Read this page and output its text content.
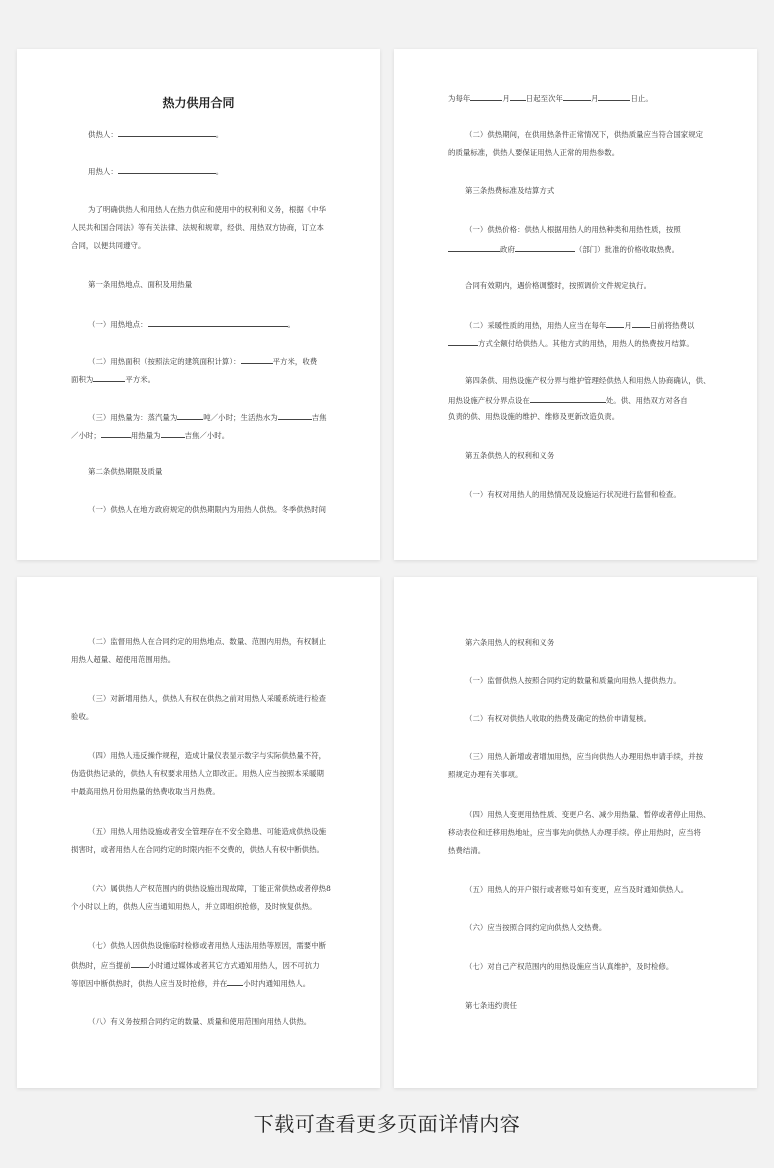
热力供用合同
供热人：	。
用热人：	。
为了明确供热人和用热人在热力供应和使用中的权利和义务，根据《中华
人民共和国合同法》等有关法律、法规和规章，经供、用热双方协商，订立本
合同，以便共同遵守。
第一条用热地点、面积及用热量
（一）用热地点：	。
（二）用热面积（按照法定的建筑面积计算）：	平方米，收费
面积为	平方米。
（三）用热量为：蒸汽量为	吨／小时；生活热水为	吉焦
／小时；	用热量为	吉焦／小时。
第二条供热期限及质量
（一）供热人在地方政府规定的供热期限内为用热人供热。冬季供热时间
为每年	月 日起至次年	月	日止。
（二）供热期间，在供用热条件正常情况下，供热质量应当符合国家规定
的质量标准，供热人要保证用热人正常的用热参数。
第三条热费标准及结算方式
（一）供热价格：供热人根据用热人的用热种类和用热性质，按照
政府	（部门）批准的价格收取热费。
合同有效期内，遇价格调整时，按照调价文件规定执行。
（二）采暖性质的用热，用热人应当在每年 月 日前将热费以
方式全额付给供热人。其他方式的用热，用热人的热费按月结算。
第四条供、用热设施产权分界与维护管理经供热人和用热人协商确认，供、
用热设施产权分界点设在	处。供、用热双方对各自
负责的供、用热设施的维护、维修及更新改造负责。
第五条供热人的权利和义务
（一）有权对用热人的用热情况及设施运行状况进行监督和检查。
（二）监督用热人在合同约定的用热地点、数量、范围内用热，有权制止
用热人超量、超使用范围用热。
（三）对新增用热人，供热人有权在供热之前对用热人采暖系统进行检查
验收。
（四）用热人违反操作规程，造成计量仪表显示数字与实际供热量不符，
伪造供热记录的，供热人有权要求用热人立即改正。用热人应当按照本采暖期
中最高用热月份用热量的热费收取当月热费。
（五）用热人用热设施或者安全管理存在不安全隐患、可能造成供热设施
损害时，或者用热人在合同约定的时限内拒不交费的，供热人有权中断供热。
（六）属供热人产权范围内的供热设施出现故障，丁能正常供热或者停热8
个小时以上的，供热人应当通知用热人，并立即组织抢修，及时恢复供热。
（七）供热人因供热设施临时检修或者用热人违法用热等原因，需要中断
供热时，应当提前 小时通过媒体或者其它方式通知用热人，因不可抗力
等原因中断供热时，供热人应当及时抢修，并在 小时内通知用热人。
（八）有义务按照合同约定的数量、质量和使用范围向用热人供热。
第六条用热人的权利和义务
（一）监督供热人按照合同约定的数量和质量向用热人提供热力。
（二）有权对供热人收取的热费及确定的热价申请复核。
（三）用热人新增或者增加用热，应当向供热人办理用热申请手续，并按
照规定办理有关事项。
（四）用热人变更用热性质、变更户名、减少用热量、暂停或者停止用热、
移动表位和迁移用热地址，应当事先向供热人办理手续。停止用热时，应当将
热费结清。
（五）用热人的开户银行或者账号如有变更，应当及时通知供热人。
（六）应当按照合同约定向供热人交热费。
（七）对自己产权范围内的用热设施应当认真维护，及时检修。
第七条违约责任
下载可查看更多页面详情内容
